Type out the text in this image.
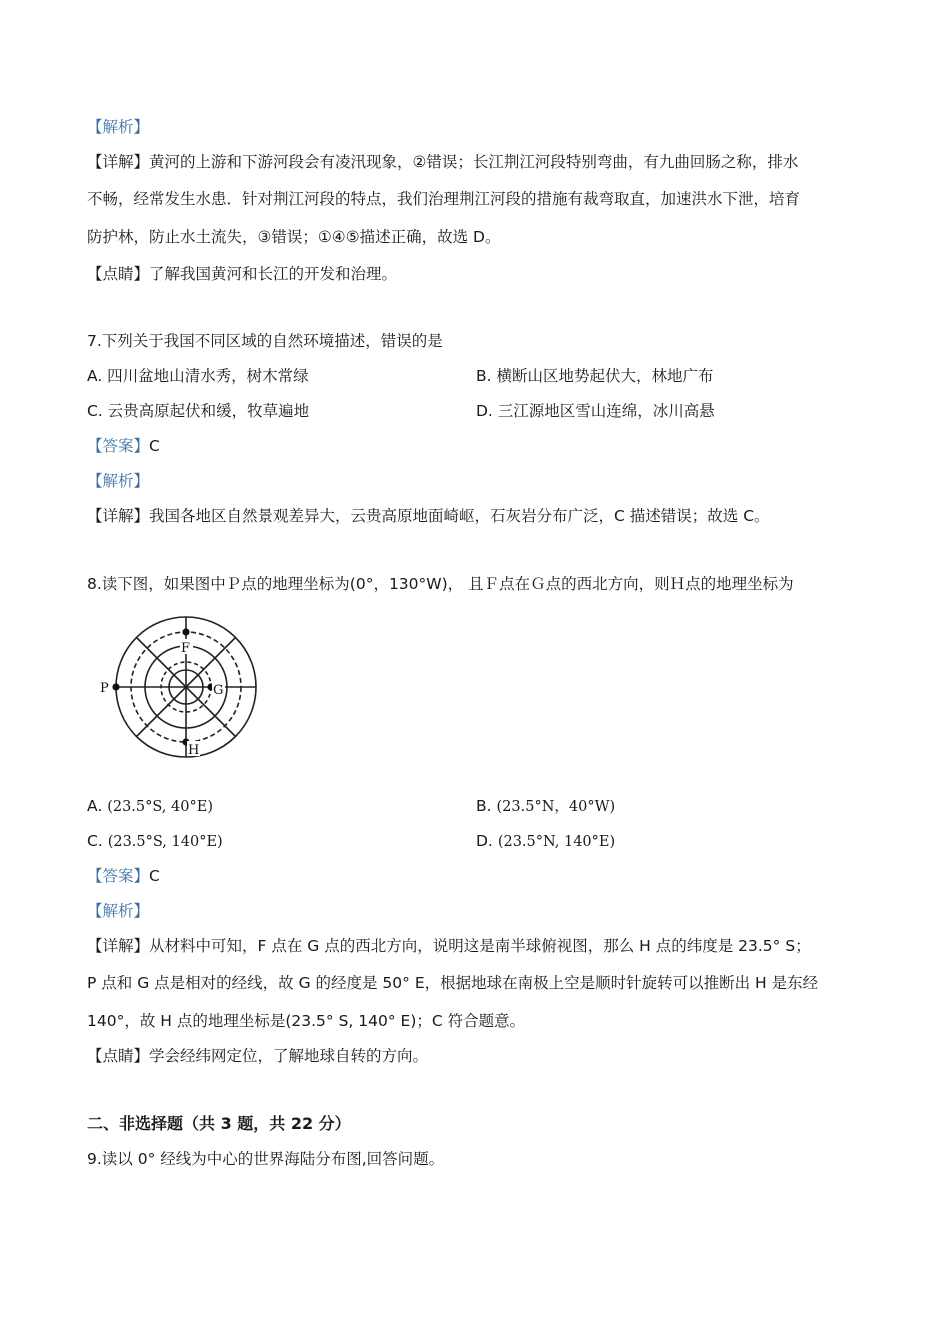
【解析】
【详解】黄河的上游和下游河段会有凌汛现象，②错误；长江荆江河段特别弯曲，有九曲回肠之称，排水
不畅，经常发生水患．针对荆江河段的特点，我们治理荆江河段的措施有裁弯取直，加速洪水下泄，培育
防护林，防止水土流失，③错误；①④⑤描述正确，故选 D。
【点睛】了解我国黄河和长江的开发和治理。
7.下列关于我国不同区域的自然环境描述，错误的是
A. 四川盆地山清水秀，树木常绿	B. 横断山区地势起伏大，林地广布
C. 云贵高原起伏和缓，牧草遍地	D. 三江源地区雪山连绵，冰川高悬
【答案】C
【解析】
【详解】我国各地区自然景观差异大，云贵高原地面崎岖，石灰岩分布广泛，C 描述错误；故选 C。
8.读下图，如果图中Ｐ点的地理坐标为(0°，130°W)， 且Ｆ点在Ｇ点的西北方向，则Ｈ点的地理坐标为
F
G
P
H
A. (23.5°S, 40°E)	B. (23.5°N，40°W)
C. (23.5°S, 140°E)	D. (23.5°N, 140°E)
【答案】C
【解析】
【详解】从材料中可知，F 点在 G 点的西北方向，说明这是南半球俯视图，那么 H 点的纬度是 23.5° S；
P 点和 G 点是相对的经线，故 G 的经度是 50° E，根据地球在南极上空是顺时针旋转可以推断出 H 是东经
140°，故 H 点的地理坐标是(23.5° S, 140° E)；C 符合题意。
【点睛】学会经纬网定位，了解地球自转的方向。
二、非选择题（共 3 题，共 22 分）
9.读以 0° 经线为中心的世界海陆分布图,回答问题。
